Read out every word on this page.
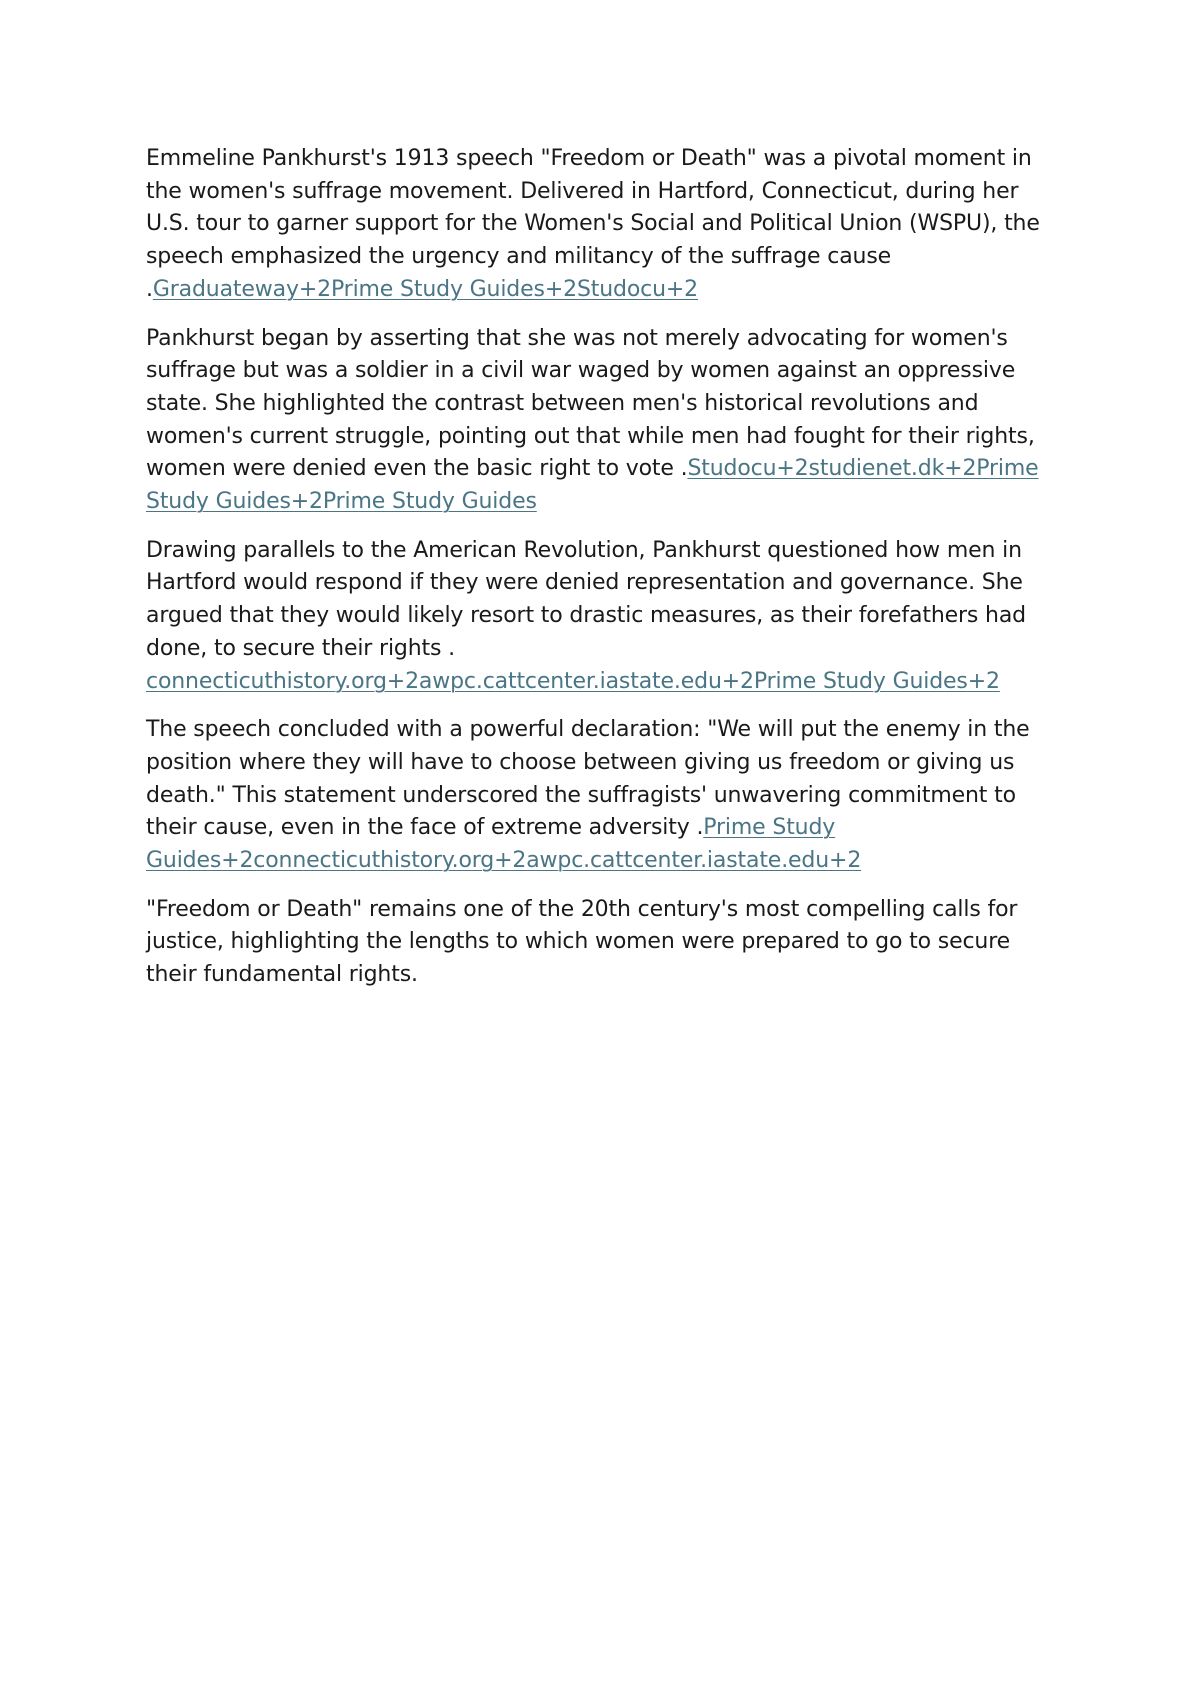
Emmeline Pankhurst's 1913 speech "Freedom or Death" was a pivotal moment in the women's suffrage movement. Delivered in Hartford, Connecticut, during her U.S. tour to garner support for the Women's Social and Political Union (WSPU), the speech emphasized the urgency and militancy of the suffrage cause .Graduateway+2Prime Study Guides+2Studocu+2

Pankhurst began by asserting that she was not merely advocating for women's suffrage but was a soldier in a civil war waged by women against an oppressive state. She highlighted the contrast between men's historical revolutions and women's current struggle, pointing out that while men had fought for their rights, women were denied even the basic right to vote .Studocu+2studienet.dk+2Prime Study Guides+2Prime Study Guides

Drawing parallels to the American Revolution, Pankhurst questioned how men in Hartford would respond if they were denied representation and governance. She argued that they would likely resort to drastic measures, as their forefathers had done, to secure their rights . connecticuthistory.org+2awpc.cattcenter.iastate.edu+2Prime Study Guides+2

The speech concluded with a powerful declaration: "We will put the enemy in the position where they will have to choose between giving us freedom or giving us death." This statement underscored the suffragists' unwavering commitment to their cause, even in the face of extreme adversity .Prime Study Guides+2connecticuthistory.org+2awpc.cattcenter.iastate.edu+2

"Freedom or Death" remains one of the 20th century's most compelling calls for justice, highlighting the lengths to which women were prepared to go to secure their fundamental rights.
